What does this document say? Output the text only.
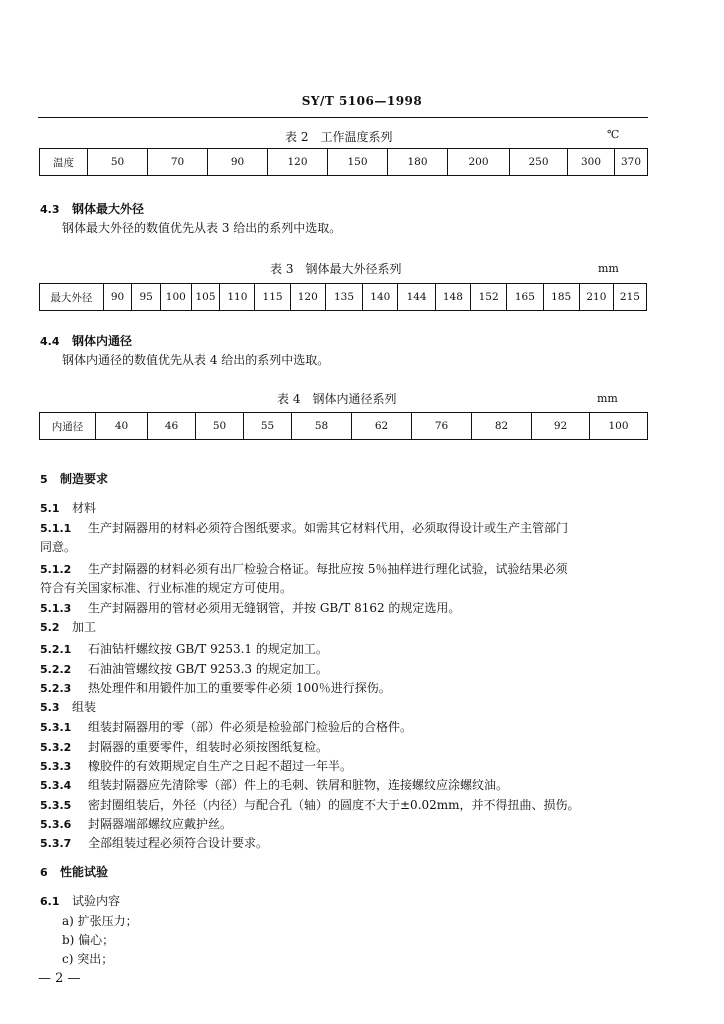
SY/T 5106—1998
表 2　工作温度系列	℃
温度	50	70	90	120	150	180	200	250	300	370
4.3 钢体最大外径
钢体最大外径的数值优先从表 3 给出的系列中选取。
表 3　钢体最大外径系列	mm
最大外径	90	95	100	105	110	115	120	135	140	144	148	152	165	185	210	215
4.4 钢体内通径
钢体内通径的数值优先从表 4 给出的系列中选取。
表 4　钢体内通径系列	mm
内通径	40	46	50	55	58	62	76	82	92	100
5 制造要求
5.1 材料
5.1.1 生产封隔器用的材料必须符合图纸要求。如需其它材料代用，必须取得设计或生产主管部门
同意。
5.1.2 生产封隔器的材料必须有出厂检验合格证。每批应按 5％抽样进行理化试验，试验结果必须
符合有关国家标准、行业标准的规定方可使用。
5.1.3 生产封隔器用的管材必须用无缝钢管，并按 GB/T 8162 的规定选用。
5.2 加工
5.2.1 石油钻杆螺纹按 GB/T 9253.1 的规定加工。
5.2.2 石油油管螺纹按 GB/T 9253.3 的规定加工。
5.2.3 热处理件和用锻件加工的重要零件必须 100％进行探伤。
5.3 组装
5.3.1 组装封隔器用的零（部）件必须是检验部门检验后的合格件。
5.3.2 封隔器的重要零件，组装时必须按图纸复检。
5.3.3 橡胶件的有效期规定自生产之日起不超过一年半。
5.3.4 组装封隔器应先清除零（部）件上的毛刺、铁屑和脏物，连接螺纹应涂螺纹油。
5.3.5 密封圈组装后，外径（内径）与配合孔（轴）的圆度不大于±0.02mm，并不得扭曲、损伤。
5.3.6 封隔器端部螺纹应戴护丝。
5.3.7 全部组装过程必须符合设计要求。
6 性能试验
6.1 试验内容
a) 扩张压力；
b) 偏心；
c) 突出；
— 2 —
